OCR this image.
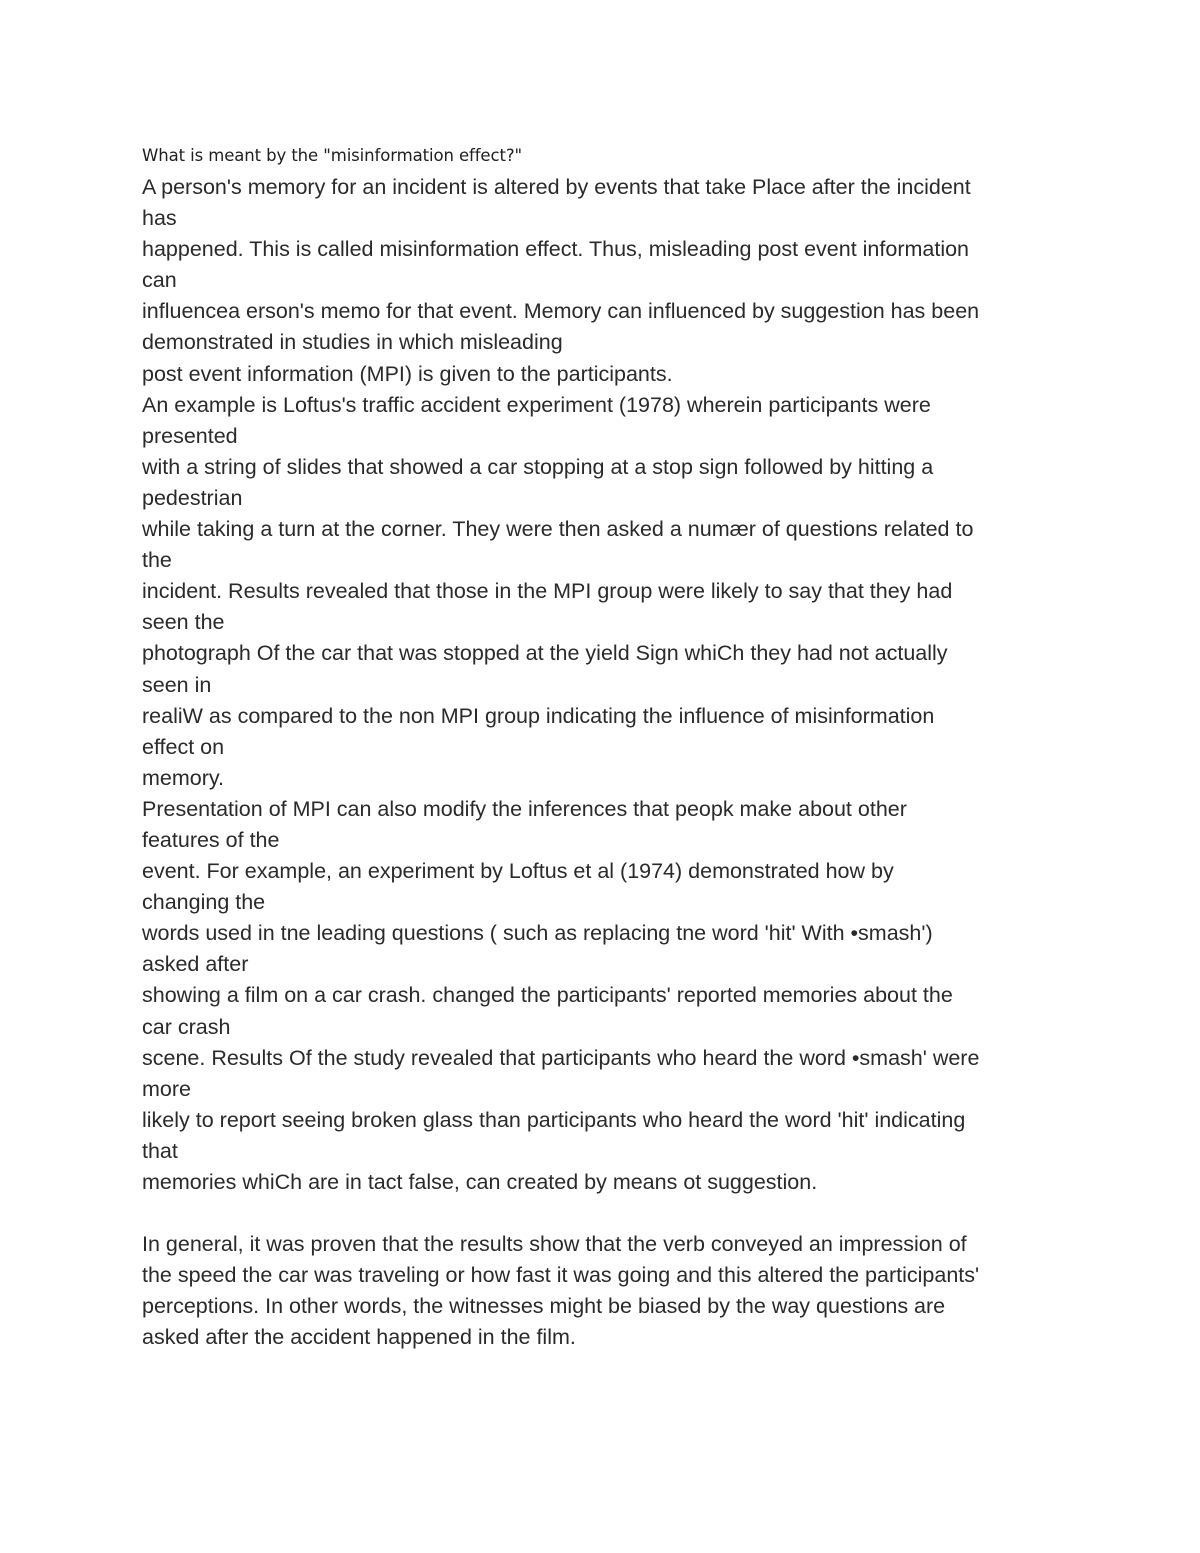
What is meant by the "misinformation effect?"
A person's memory for an incident is altered by events that take Place after the incident
has
happened. This is called misinformation effect. Thus, misleading post event information
can
influencea erson's memo for that event. Memory can influenced by suggestion has been
demonstrated in studies in which misleading
post event information (MPI) is given to the participants.
An example is Loftus's traffic accident experiment (1978) wherein participants were
presented
with a string of slides that showed a car stopping at a stop sign followed by hitting a
pedestrian
while taking a turn at the corner. They were then asked a numær of questions related to
the
incident. Results revealed that those in the MPI group were likely to say that they had
seen the
photograph Of the car that was stopped at the yield Sign whiCh they had not actually
seen in
realiW as compared to the non MPI group indicating the influence of misinformation
effect on
memory.
Presentation of MPI can also modify the inferences that peopk make about other
features of the
event. For example, an experiment by Loftus et al (1974) demonstrated how by
changing the
words used in tne leading questions ( such as replacing tne word 'hit' With •smash')
asked after
showing a film on a car crash. changed the participants' reported memories about the
car crash
scene. Results Of the study revealed that participants who heard the word •smash' were
more
likely to report seeing broken glass than participants who heard the word 'hit' indicating
that
memories whiCh are in tact false, can created by means ot suggestion.
In general, it was proven that the results show that the verb conveyed an impression of
the speed the car was traveling or how fast it was going and this altered the participants'
perceptions. In other words, the witnesses might be biased by the way questions are
asked after the accident happened in the film.
